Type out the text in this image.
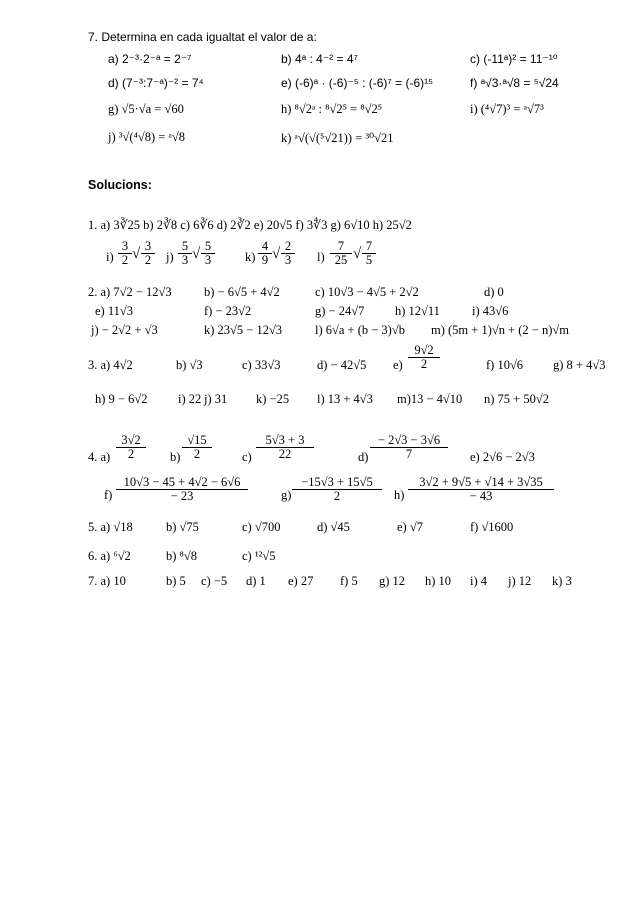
7. Determina en cada igualtat el valor de a:
a) 2⁻³·2⁻ᵃ = 2⁻⁷	b) 4ᵃ : 4⁻² = 4⁷	c) (-11ᵃ)² = 11⁻¹⁰
d) (7⁻³:7⁻ᵃ)⁻² = 7⁴	e) (-6)ᵃ · (-6)⁻⁵ : (-6)⁷ = (-6)¹⁵	f) ᵃ√3·ᵃ√8 = ⁵√24
g) √5·√a = √60	h) ⁸√2ᵃ : ⁸√2⁵ = ⁸√2⁵	i) (⁴√7)³ = ᵃ√7³
j) ³√(⁴√8) = ᵃ√8	k) ᵃ√(√(⁵√21)) = ³⁰√21
Solucions:
1. a) 3∛25 b) 2∛8 c) 6∛6 d) 2∛2 e) 20√5 f) 3∜3 g) 6√10 h) 25√2
$i) \frac{3}{2}$ √ $\frac{3}{2} j) \frac{5}{3}$ √ $\frac{5}{3} k) \frac{4}{9}$ √ $\frac{2}{3} l) \frac{7}{25}$ √ $\frac{7}{5}$
2. a) 7√2 − 12√3	b) − 6√5 + 4√2	c) 10√3 − 4√5 + 2√2	d) 0
e) 11√3	f) − 23√2	g) − 24√7 h) 12√11	i) 43√6
j) − 2√2 + √3	k) 23√5 − 12√3	l) 6√a + (b − 3)√b m) (5m + 1)√n + (2 − n)√m
3. a) 4√2	b) √3	c) 33√3	d) − 42√5 $e) \frac{9√2}{2}$	f) 10√6 g) 8 + 4√3
h) 9 − 6√2 i) 22 j) 31 k) −25 l) 13 + 4√3 m)13 − 4√10 n) 75 + 50√2
4. $a) \frac{3√2}{2} b) \frac{√15}{2} c) \frac{5√3 + 3}{22}$	$d) \frac{- 2√3 - 3√6}{7} e$) 2√6 − 2√3
$f) \frac{10√3 - 45 + 4√2 - 6√6}{- 23}$	$g) \frac{-15√3 + 15√5}{2} h) \frac{3√2 + 9√5 + √14 + 3√35}{- 43}$
5. a) √18	b) √75	c) √700	d) √45	e) √7	f) √1600
6. a) ⁶√2	b) ⁸√8	c) ¹²√5
7. a) 10	b) 5 c) −5 d) 1 e) 27 f) 5 g) 12 h) 10 i) 4 j) 12 k) 3
